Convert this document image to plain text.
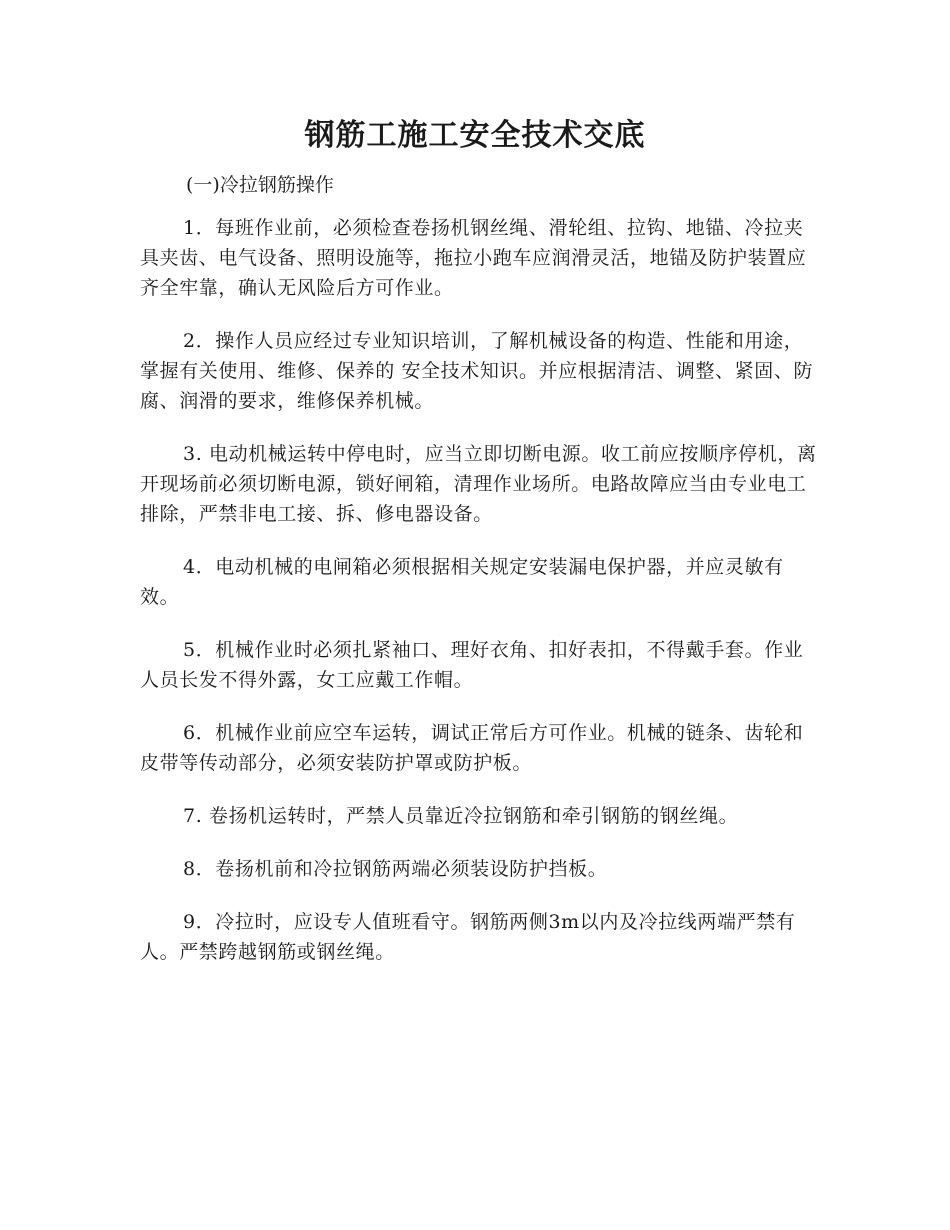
钢筋工施工安全技术交底

(一)冷拉钢筋操作

1．每班作业前，必须检查卷扬机钢丝绳、滑轮组、拉钩、地锚、冷拉夹具夹齿、电气设备、照明设施等，拖拉小跑车应润滑灵活，地锚及防护装置应齐全牢靠，确认无风险后方可作业。

2．操作人员应经过专业知识培训，了解机械设备的构造、性能和用途，掌握有关使用、维修、保养的 安全技术知识。并应根据清洁、调整、紧固、防腐、润滑的要求，维修保养机械。

3. 电动机械运转中停电时，应当立即切断电源。收工前应按顺序停机，离开现场前必须切断电源，锁好闸箱，清理作业场所。电路故障应当由专业电工排除，严禁非电工接、拆、修电器设备。

4．电动机械的电闸箱必须根据相关规定安装漏电保护器，并应灵敏有效。

5．机械作业时必须扎紧袖口、理好衣角、扣好表扣，不得戴手套。作业人员长发不得外露，女工应戴工作帽。

6．机械作业前应空车运转，调试正常后方可作业。机械的链条、齿轮和皮带等传动部分，必须安装防护罩或防护板。

7. 卷扬机运转时，严禁人员靠近冷拉钢筋和牵引钢筋的钢丝绳。

8．卷扬机前和冷拉钢筋两端必须装设防护挡板。

9．冷拉时，应设专人值班看守。钢筋两侧3m以内及冷拉线两端严禁有人。严禁跨越钢筋或钢丝绳。
